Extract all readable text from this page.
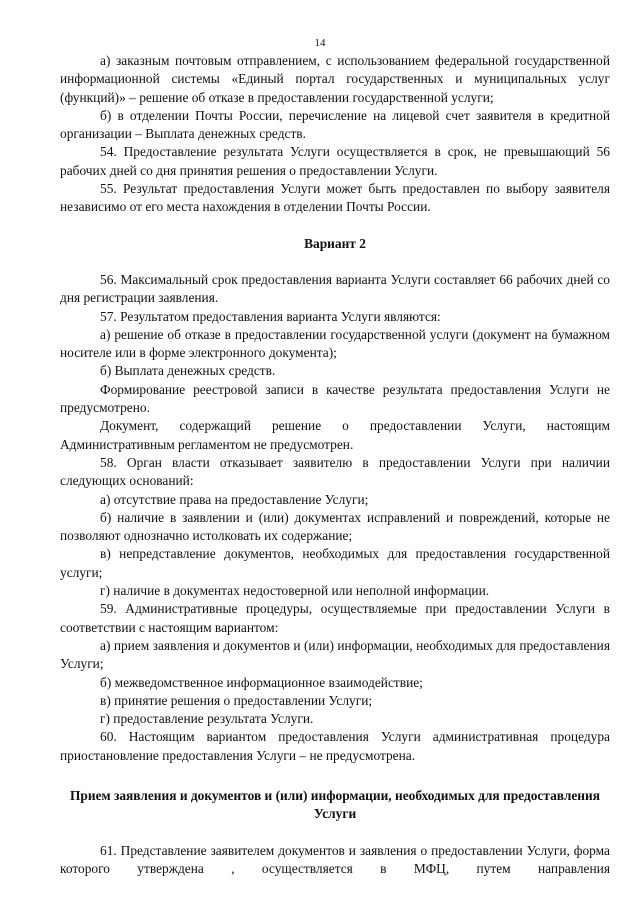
14

а) заказным почтовым отправлением, с использованием федеральной государственной информационной системы «Единый портал государственных и муниципальных услуг (функций)» – решение об отказе в предоставлении государственной услуги;

б) в отделении Почты России, перечисление на лицевой счет заявителя в кредитной организации – Выплата денежных средств.

54. Предоставление результата Услуги осуществляется в срок, не превышающий 56 рабочих дней со дня принятия решения о предоставлении Услуги.

55. Результат предоставления Услуги может быть предоставлен по выбору заявителя независимо от его места нахождения в отделении Почты России.

Вариант 2

56. Максимальный срок предоставления варианта Услуги составляет 66 рабочих дней со дня регистрации заявления.

57. Результатом предоставления варианта Услуги являются:

а) решение об отказе в предоставлении государственной услуги (документ на бумажном носителе или в форме электронного документа);

б) Выплата денежных средств.

Формирование реестровой записи в качестве результата предоставления Услуги не предусмотрено.

Документ, содержащий решение о предоставлении Услуги, настоящим Административным регламентом не предусмотрен.

58. Орган власти отказывает заявителю в предоставлении Услуги при наличии следующих оснований:

а) отсутствие права на предоставление Услуги;

б) наличие в заявлении и (или) документах исправлений и повреждений, которые не позволяют однозначно истолковать их содержание;

в) непредставление документов, необходимых для предоставления государственной услуги;

г) наличие в документах недостоверной или неполной информации.

59. Административные процедуры, осуществляемые при предоставлении Услуги в соответствии с настоящим вариантом:

а) прием заявления и документов и (или) информации, необходимых для предоставления Услуги;

б) межведомственное информационное взаимодействие;

в) принятие решения о предоставлении Услуги;

г) предоставление результата Услуги.

60. Настоящим вариантом предоставления Услуги административная процедура приостановление предоставления Услуги – не предусмотрена.

Прием заявления и документов и (или) информации, необходимых для предоставления Услуги

61. Представление заявителем документов и заявления о предоставлении Услуги, форма которого утверждена , осуществляется в МФЦ, путем направления
